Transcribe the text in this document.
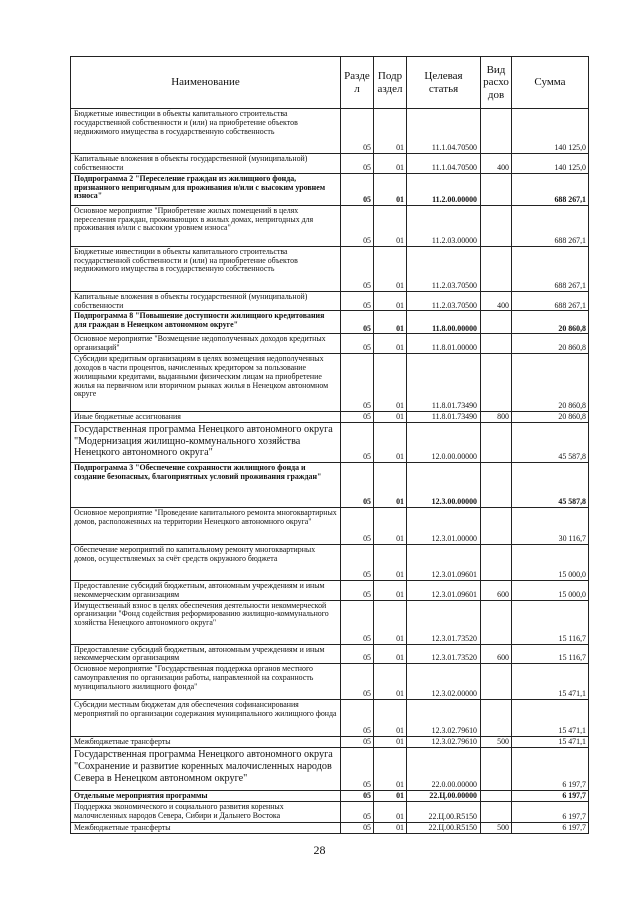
Наименование	Разде л	Подр аздел	Целевая статья	Вид расхо дов	Сумма
Бюджетные инвестиции в объекты капитального строительства государственной собственности и (или) на приобретение объектов недвижимого имущества в государственную собственность	05	01	11.1.04.70500		140 125,0
Капитальные вложения в объекты государственной (муниципальной) собственности	05	01	11.1.04.70500	400	140 125,0
Подпрограмма 2 "Переселение граждан из жилищного фонда, признанного непригодным для проживания и/или с высоким уровнем износа"	05	01	11.2.00.00000		688 267,1
Основное мероприятие "Приобретение жилых помещений в целях переселения граждан, проживающих в жилых домах, непригодных для проживания и/или с высоким уровнем износа"	05	01	11.2.03.00000		688 267,1
Бюджетные инвестиции в объекты капитального строительства государственной собственности и (или) на приобретение объектов недвижимого имущества в государственную собственность	05	01	11.2.03.70500		688 267,1
Капитальные вложения в объекты государственной (муниципальной) собственности	05	01	11.2.03.70500	400	688 267,1
Подпрограмма 8 "Повышение доступности жилищного кредитования для граждан в Ненецком автономном округе"	05	01	11.8.00.00000		20 860,8
Основное мероприятие "Возмещение недополученных доходов кредитных организаций"	05	01	11.8.01.00000		20 860,8
Субсидии кредитным организациям в целях возмещения недополученных доходов в части процентов, начисленных кредитором за пользование жилищными кредитами, выданными физическим лицам на приобретение жилья на первичном или вторичном рынках жилья в Ненецком автономном округе	05	01	11.8.01.73490		20 860,8
Иные бюджетные ассигнования	05	01	11.8.01.73490	800	20 860,8
Государственная программа Ненецкого автономного округа "Модернизация жилищно-коммунального хозяйства Ненецкого автономного округа"	05	01	12.0.00.00000		45 587,8
Подпрограмма 3 "Обеспечение сохранности жилищного фонда и создание безопасных, благоприятных условий проживания граждан"	05	01	12.3.00.00000		45 587,8
Основное мероприятие "Проведение капитального ремонта многоквартирных домов, расположенных на территории Ненецкого автономного округа"	05	01	12.3.01.00000		30 116,7
Обеспечение мероприятий по капитальному ремонту многоквартирных домов, осуществляемых за счёт средств окружного бюджета	05	01	12.3.01.09601		15 000,0
Предоставление субсидий бюджетным, автономным учреждениям и иным некоммерческим организациям	05	01	12.3.01.09601	600	15 000,0
Имущественный взнос в целях обеспечения деятельности некоммерческой организации "Фонд содействия реформированию жилищно-коммунального хозяйства Ненецкого автономного округа"	05	01	12.3.01.73520		15 116,7
Предоставление субсидий бюджетным, автономным учреждениям и иным некоммерческим организациям	05	01	12.3.01.73520	600	15 116,7
Основное мероприятие "Государственная поддержка органов местного самоуправления по организации работы, направленной на сохранность муниципального жилищного фонда"	05	01	12.3.02.00000		15 471,1
Субсидии местным бюджетам для обеспечения софинансирования мероприятий по организации содержания муниципального жилищного фонда	05	01	12.3.02.79610		15 471,1
Межбюджетные трансферты	05	01	12.3.02.79610	500	15 471,1
Государственная программа Ненецкого автономного округа "Сохранение и развитие коренных малочисленных народов Севера в Ненецком автономном округе"	05	01	22.0.00.00000		6 197,7
Отдельные мероприятия программы	05	01	22.Ц.00.00000		6 197,7
Поддержка экономического и социального развития коренных малочисленных народов Севера, Сибири и Дальнего Востока	05	01	22.Ц.00.R5150		6 197,7
Межбюджетные трансферты	05	01	22.Ц.00.R5150	500	6 197,7
28
